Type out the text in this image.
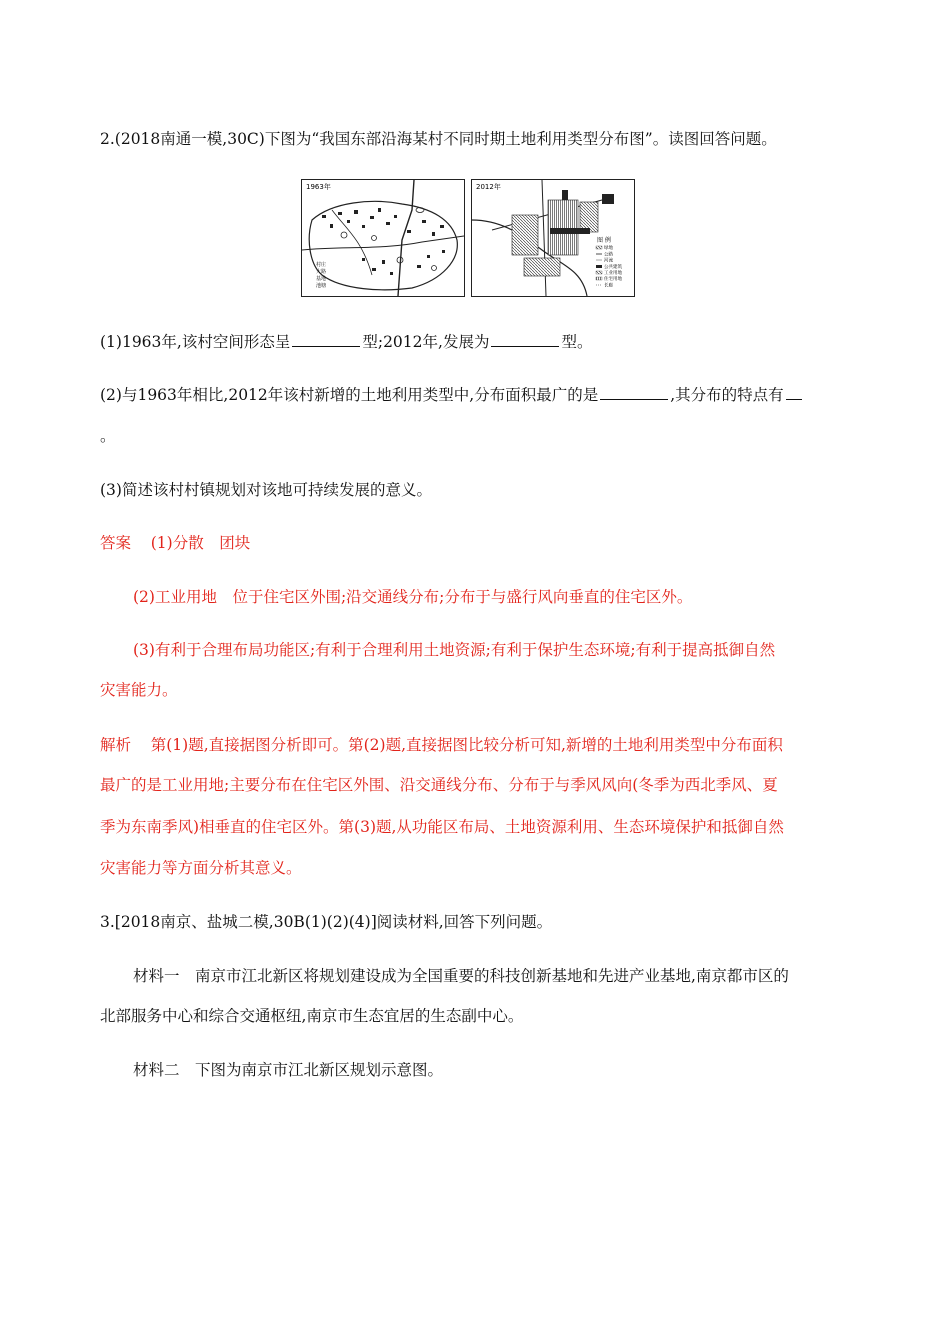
2.(2018南通一模,30C)下图为“我国东部沿海某村不同时期土地利用类型分布图”。读图回答问题。
1963年
村庄
大路
基地
池塘
2012年
图 例
绿地
公路
河流
公共建筑
工业用地
住宅用地
长廊
(1)1963年,该村空间形态呈	型;2012年,发展为	型。
(2)与1963年相比,2012年该村新增的土地利用类型中,分布面积最广的是	,其分布的特点有
。
(3)简述该村村镇规划对该地可持续发展的意义。
答案 (1)分散　团块
(2)工业用地　位于住宅区外围;沿交通线分布;分布于与盛行风向垂直的住宅区外。
(3)有利于合理布局功能区;有利于合理利用土地资源;有利于保护生态环境;有利于提高抵御自然
灾害能力。
解析 第(1)题,直接据图分析即可。第(2)题,直接据图比较分析可知,新增的土地利用类型中分布面积
最广的是工业用地;主要分布在住宅区外围、沿交通线分布、分布于与季风风向(冬季为西北季风、夏
季为东南季风)相垂直的住宅区外。第(3)题,从功能区布局、土地资源利用、生态环境保护和抵御自然
灾害能力等方面分析其意义。
3.[2018南京、盐城二模,30B(1)(2)(4)]阅读材料,回答下列问题。
材料一　南京市江北新区将规划建设成为全国重要的科技创新基地和先进产业基地,南京都市区的
北部服务中心和综合交通枢纽,南京市生态宜居的生态副中心。
材料二　下图为南京市江北新区规划示意图。
